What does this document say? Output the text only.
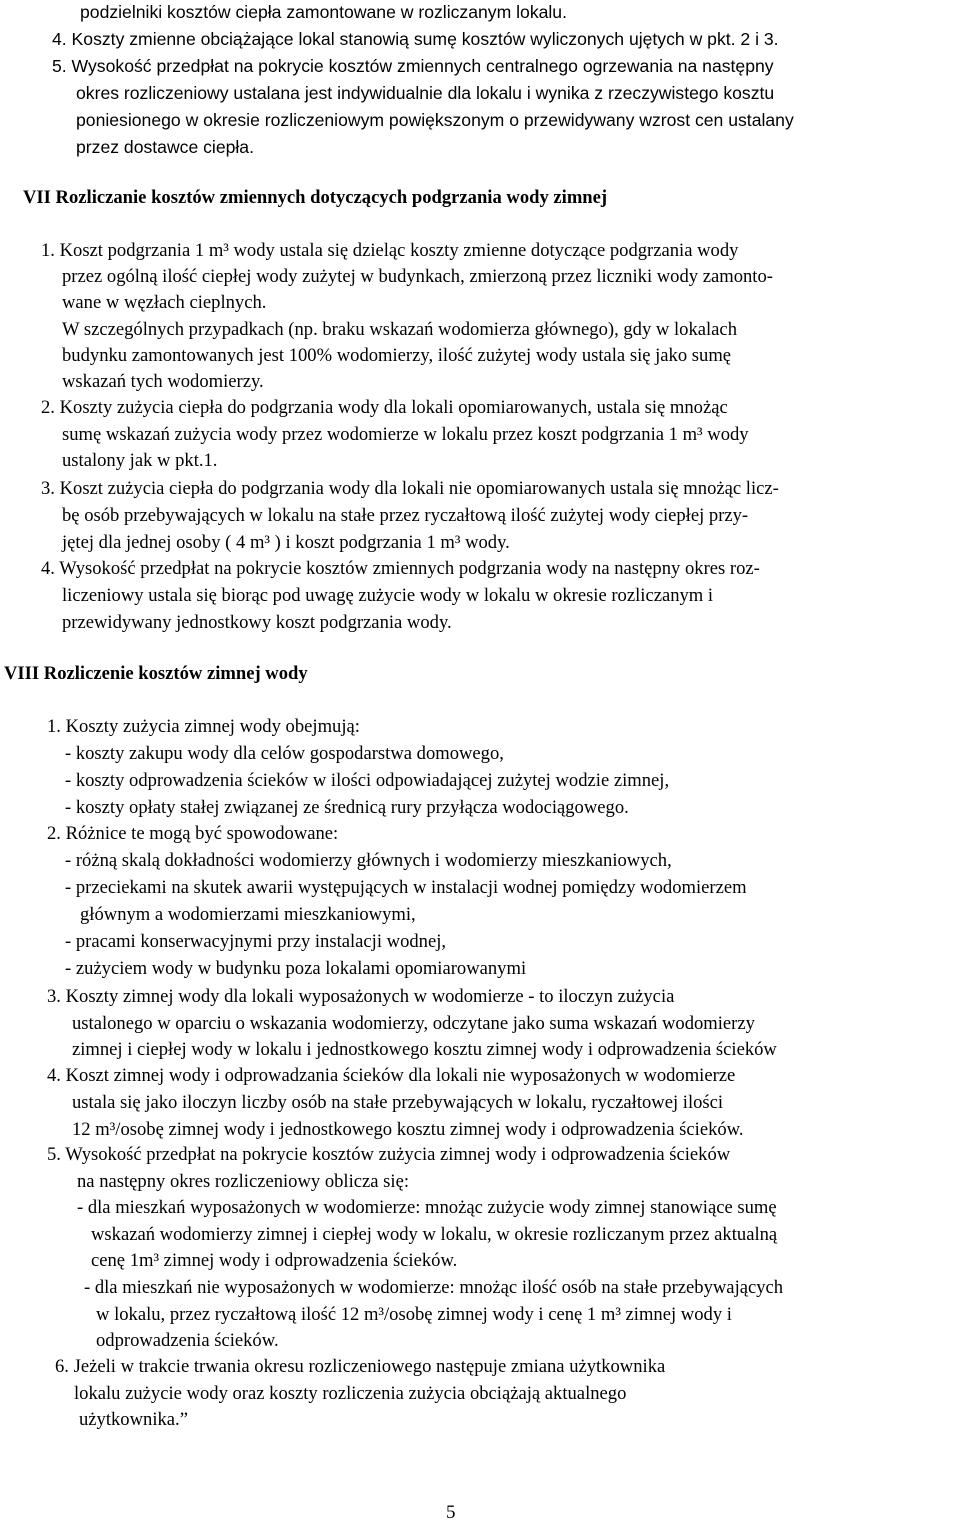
podzielniki kosztów ciepła zamontowane w rozliczanym lokalu.
4. Koszty zmienne obciążające lokal stanowią sumę kosztów wyliczonych ujętych w pkt. 2 i 3.
5. Wysokość przedpłat na pokrycie kosztów zmiennych centralnego ogrzewania na następny
okres rozliczeniowy ustalana jest indywidualnie dla lokalu i wynika z rzeczywistego kosztu
poniesionego w okresie rozliczeniowym powiększonym o przewidywany wzrost cen ustalany
przez dostawce ciepła.
VII Rozliczanie kosztów zmiennych dotyczących podgrzania wody zimnej
1. Koszt podgrzania 1 m³ wody ustala się dzieląc koszty zmienne dotyczące podgrzania wody
przez ogólną ilość ciepłej wody zużytej w budynkach, zmierzoną przez liczniki wody zamonto-
wane w węzłach cieplnych.
W szczególnych przypadkach (np. braku wskazań wodomierza głównego), gdy w lokalach
budynku zamontowanych jest 100% wodomierzy, ilość zużytej wody ustala się jako sumę
wskazań tych wodomierzy.
2. Koszty zużycia ciepła do podgrzania wody dla lokali opomiarowanych, ustala się mnożąc
sumę wskazań zużycia wody przez wodomierze w lokalu przez koszt podgrzania 1 m³ wody
ustalony jak w pkt.1.
3. Koszt zużycia ciepła do podgrzania wody dla lokali nie opomiarowanych ustala się mnożąc licz-
bę osób przebywających w lokalu na stałe przez ryczałtową ilość zużytej wody ciepłej przy-
jętej dla jednej osoby ( 4 m³ ) i koszt podgrzania 1 m³ wody.
4. Wysokość przedpłat na pokrycie kosztów zmiennych podgrzania wody na następny okres roz-
liczeniowy ustala się biorąc pod uwagę zużycie wody w lokalu w okresie rozliczanym i
przewidywany jednostkowy koszt podgrzania wody.
VIII Rozliczenie kosztów zimnej wody
1. Koszty zużycia zimnej wody obejmują:
- koszty zakupu wody dla celów gospodarstwa domowego,
- koszty odprowadzenia ścieków w ilości odpowiadającej zużytej wodzie zimnej,
- koszty opłaty stałej związanej ze średnicą rury przyłącza wodociągowego.
2. Różnice te mogą być spowodowane:
- różną skalą dokładności wodomierzy głównych i wodomierzy mieszkaniowych,
- przeciekami na skutek awarii występujących w instalacji wodnej pomiędzy wodomierzem
głównym a wodomierzami mieszkaniowymi,
- pracami konserwacyjnymi przy instalacji wodnej,
- zużyciem wody w budynku poza lokalami opomiarowanymi
3. Koszty zimnej wody dla lokali wyposażonych w wodomierze - to iloczyn zużycia
ustalonego w oparciu o wskazania wodomierzy, odczytane jako suma wskazań wodomierzy
zimnej i ciepłej wody w lokalu i jednostkowego kosztu zimnej wody i odprowadzenia ścieków
4. Koszt zimnej wody i odprowadzania ścieków dla lokali nie wyposażonych w wodomierze
ustala się jako iloczyn liczby osób na stałe przebywających w lokalu, ryczałtowej ilości
12 m³/osobę zimnej wody i jednostkowego kosztu zimnej wody i odprowadzenia ścieków.
5. Wysokość przedpłat na pokrycie kosztów zużycia zimnej wody i odprowadzenia ścieków
na następny okres rozliczeniowy oblicza się:
- dla mieszkań wyposażonych w wodomierze: mnożąc zużycie wody zimnej stanowiące sumę
wskazań wodomierzy zimnej i ciepłej wody w lokalu, w okresie rozliczanym przez aktualną
cenę 1m³ zimnej wody i odprowadzenia ścieków.
- dla mieszkań nie wyposażonych w wodomierze: mnożąc ilość osób na stałe przebywających
w lokalu, przez ryczałtową ilość 12 m³/osobę zimnej wody i cenę 1 m³ zimnej wody i
odprowadzenia ścieków.
6. Jeżeli w trakcie trwania okresu rozliczeniowego następuje zmiana użytkownika
lokalu zużycie wody oraz koszty rozliczenia zużycia obciążają aktualnego
użytkownika.”
5
